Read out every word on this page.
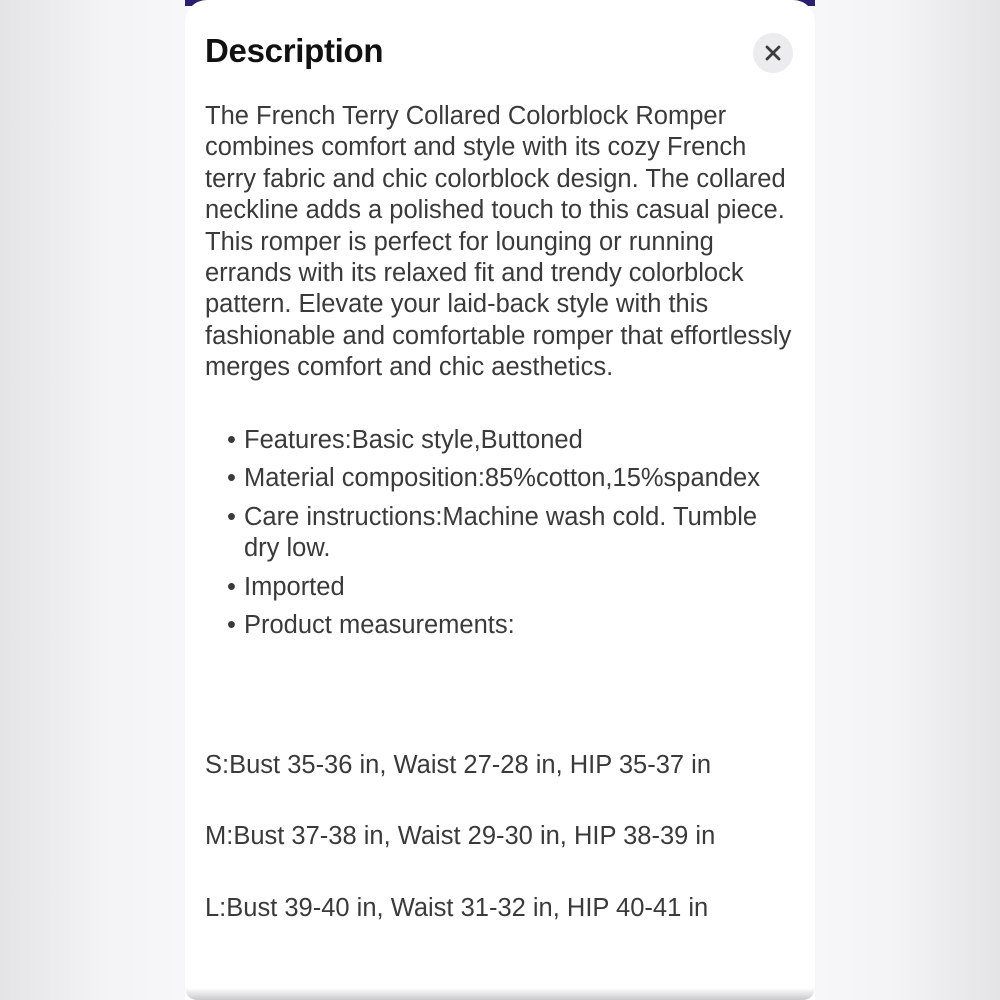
Description

The French Terry Collared Colorblock Romper combines comfort and style with its cozy French terry fabric and chic colorblock design. The collared neckline adds a polished touch to this casual piece. This romper is perfect for lounging or running errands with its relaxed fit and trendy colorblock pattern. Elevate your laid-back style with this fashionable and comfortable romper that effortlessly merges comfort and chic aesthetics.

• Features:Basic style,Buttoned
• Material composition:85%cotton,15%spandex
• Care instructions:Machine wash cold. Tumble dry low.
• Imported
• Product measurements:

S:Bust 35-36 in, Waist 27-28 in, HIP 35-37 in

M:Bust 37-38 in, Waist 29-30 in, HIP 38-39 in

L:Bust 39-40 in, Waist 31-32 in, HIP 40-41 in
